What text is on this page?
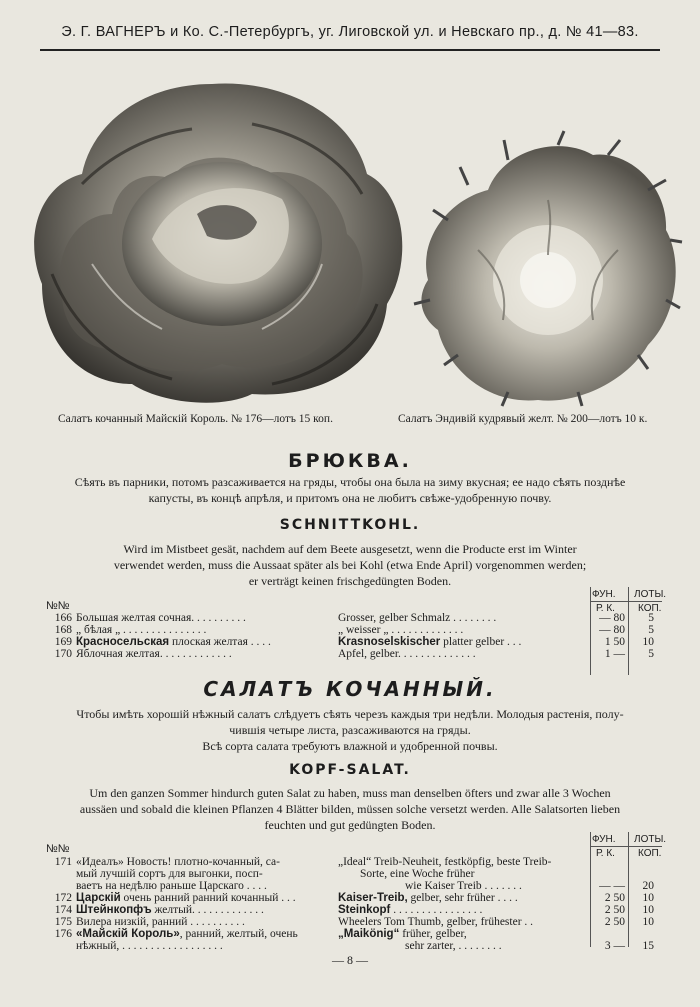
Э. Г. ВАГНЕРЪ и Ко. С.-Петербургъ, уг. Лиговской ул. и Невскаго пр., д. № 41—83.
Салатъ кочанный Майскiй Король. № 176—лотъ 15 коп.	Салатъ Эндивiй кудрявый желт. № 200—лотъ 10 к.
БРЮКВА.
Сѣять въ парники, потомъ разсаживается на гряды, чтобы она была на зиму вкусная; ее надо сѣять позднѣе
капусты, въ концѣ апрѣля, и притомъ она не любитъ свѣже-удобренную почву.
SCHNITTKOHL.
Wird im Mistbeet gesät, nachdem auf dem Beete ausgesetzt, wenn die Producte erst im Winter
verwendet werden, muss die Aussaat später als bei Kohl (etwa Ende April) vorgenommen werden;
er verträgt keinen frischgedüngten Boden.
ФУН. ЛОТЫ.
Р. К. КОП.
№№
166 Большая желтая сочная. . . . . . . . . .	Grosser, gelber Schmalz . . . . . . . .	— 80	5
168 „ бѣлая „ . . . . . . . . . . . . . . .	„ weisser „ . . . . . . . . . . . . .	— 80	5
169 Красносельская плоская желтая . . . .	Krasnoselskischer platter gelber . . .	1 50	10
170 Яблочная желтая. . . . . . . . . . . . .	Apfel, gelber. . . . . . . . . . . . . .	1 —	5
САЛАТЪ КОЧАННЫЙ.
Чтобы имѣть хорошiй нѣжный салатъ слѣдуетъ сѣять черезъ каждыя три недѣли. Молодыя растенiя, полу-
чившiя четыре листа, разсаживаются на гряды.
Всѣ сорта салата требуютъ влажной и удобренной почвы.
KOPF-SALAT.
Um den ganzen Sommer hindurch guten Salat zu haben, muss man denselben öfters und zwar alle 3 Wochen
aussäen und sobald die kleinen Pflanzen 4 Blätter bilden, müssen solche versetzt werden. Alle Salatsorten lieben
feuchten und gut gedüngten Boden.
ФУН. ЛОТЫ.
Р. К. КОП.
№№
171 «Идеалъ» Новость! плотно-кочанный, са-	„Ideal“ Treib-Neuheit, festköpfig, beste Treib-
мый лучшiй сортъ для выгонки, посп-	Sorte, eine Woche früher
ваетъ на недѣлю раньше Царскаго . . . .	wie Kaiser Treib . . . . . . .	— —	20
172 Царскiй очень ранний ранний кочанный . . .	Kaiser-Treib, gelber, sehr früher . . . .	2 50	10
174 Штейнкопфъ желтый. . . . . . . . . . . . .	Steinkopf . . . . . . . . . . . . . . . .	2 50	10
175 Вилера низкiй, ранний . . . . . . . . . .	Wheelers Tom Thumb, gelber, frühester . .	2 50	10
176 «Майскiй Король», ранний, желтый, очень	„Maikönig“ früher, gelber,
нѣжный, . . . . . . . . . . . . . . . . . .	sehr zarter, . . . . . . . .	3 —	15
— 8 —
